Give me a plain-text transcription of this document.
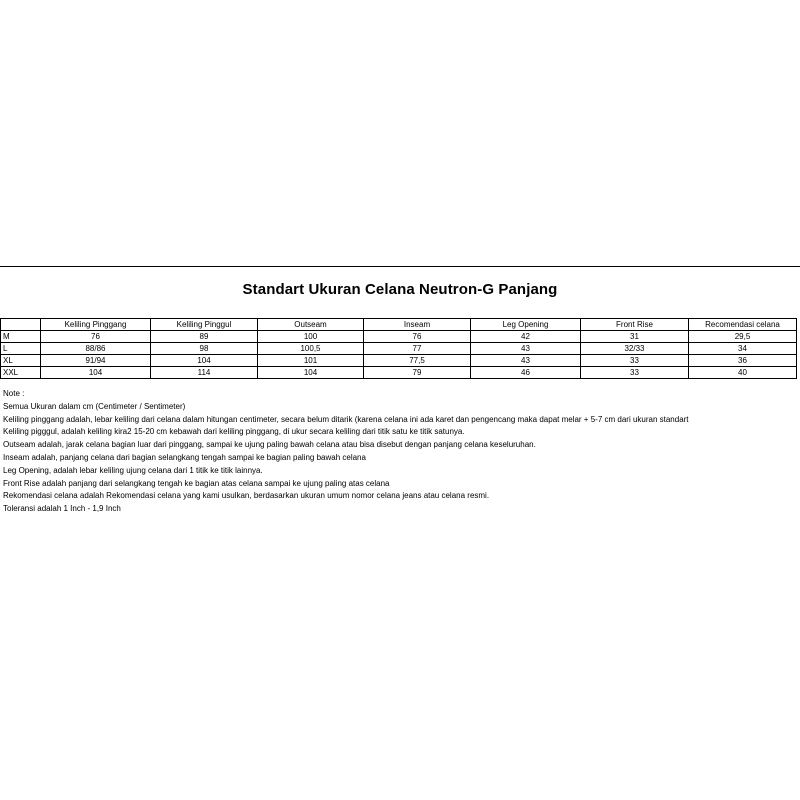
Standart Ukuran Celana Neutron-G Panjang
	Keliling Pinggang	Keliling Pinggul	Outseam	Inseam	Leg Opening	Front Rise	Recomendasi celana
M	76	89	100	76	42	31	29,5
L	88/86	98	100,5	77	43	32/33	34
XL	91/94	104	101	77,5	43	33	36
XXL	104	114	104	79	46	33	40
Note :
Semua Ukuran dalam cm (Centimeter / Sentimeter)
Keliling pinggang adalah, lebar keliling dari celana dalam hitungan centimeter, secara belum ditarik (karena celana ini ada karet dan pengencang maka dapat melar + 5-7 cm dari ukuran standart
Keliling pigggul, adalah keliling kira2 15-20 cm kebawah dari keliling pinggang, di ukur secara keliling dari titik satu ke titik satunya.
Outseam adalah, jarak celana bagian luar dari pinggang, sampai ke ujung paling bawah celana atau bisa disebut dengan panjang celana keseluruhan.
Inseam adalah, panjang celana dari bagian selangkang tengah sampai ke bagian paling bawah celana
Leg Opening, adalah lebar keliling ujung celana dari 1 titik ke titik lainnya.
Front Rise adalah panjang dari selangkang tengah ke bagian atas celana sampai ke ujung paling atas celana
Rekomendasi celana adalah Rekomendasi celana yang kami usulkan, berdasarkan ukuran umum nomor celana jeans atau celana resmi.
Toleransi adalah 1 Inch - 1,9 Inch
